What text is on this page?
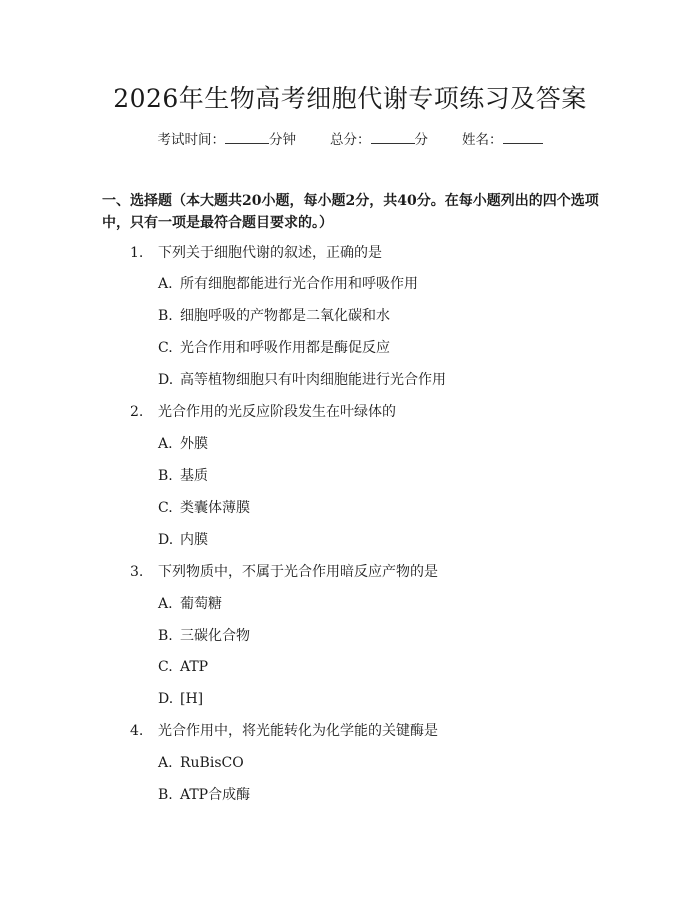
2026年生物高考细胞代谢专项练习及答案
考试时间：	分钟	总分：	分	姓名：
一、选择题（本大题共20小题，每小题2分，共40分。在每小题列出的四个选项中，只有一项是最符合题目要求的。）
1. 下列关于细胞代谢的叙述，正确的是
A. 所有细胞都能进行光合作用和呼吸作用
B. 细胞呼吸的产物都是二氧化碳和水
C. 光合作用和呼吸作用都是酶促反应
D. 高等植物细胞只有叶肉细胞能进行光合作用
2. 光合作用的光反应阶段发生在叶绿体的
A. 外膜
B. 基质
C. 类囊体薄膜
D. 内膜
3. 下列物质中，不属于光合作用暗反应产物的是
A. 葡萄糖
B. 三碳化合物
C. ATP
D. [H]
4. 光合作用中，将光能转化为化学能的关键酶是
A. RuBisCO
B. ATP合成酶
